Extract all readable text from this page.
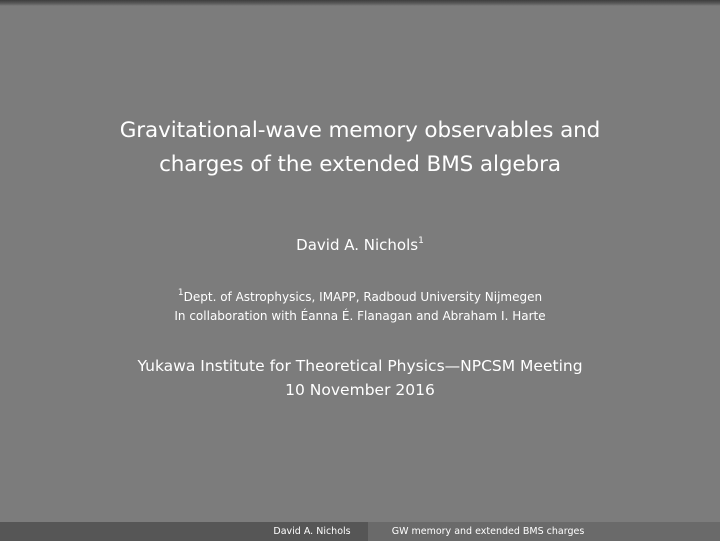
Gravitational-wave memory observables and
charges of the extended BMS algebra
David A. Nichols$^1$
$^1$Dept. of Astrophysics, IMAPP, Radboud University Nijmegen
In collaboration with Éanna É. Flanagan and Abraham I. Harte
Yukawa Institute for Theoretical Physics—NPCSM Meeting
10 November 2016
David A. Nichols	GW memory and extended BMS charges
